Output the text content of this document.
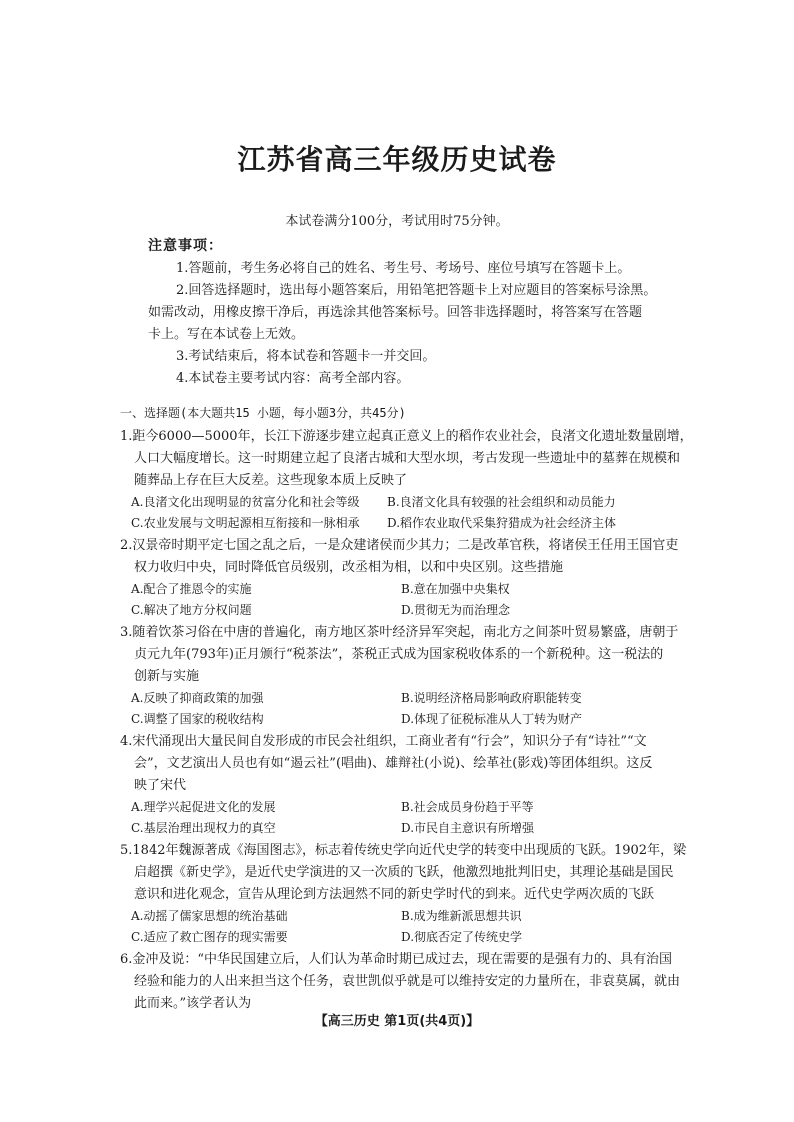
江苏省高三年级历史试卷
本试卷满分100分，考试用时75分钟。
注意事项：
1.答题前，考生务必将自己的姓名、考生号、考场号、座位号填写在答题卡上。
2.回答选择题时，选出每小题答案后，用铅笔把答题卡上对应题目的答案标号涂黑。
如需改动，用橡皮擦干净后，再选涂其他答案标号。回答非选择题时，将答案写在答题
卡上。写在本试卷上无效。
3.考试结束后，将本试卷和答题卡一并交回。
4.本试卷主要考试内容：高考全部内容。
一、选择题(本大题共15 小题，每小题3分，共45分)
1.距今6000—5000年，长江下游逐步建立起真正意义上的稻作农业社会，良渚文化遗址数量剧增，
人口大幅度增长。这一时期建立起了良渚古城和大型水坝，考古发现一些遗址中的墓葬在规模和
随葬品上存在巨大反差。这些现象本质上反映了
A.良渚文化出现明显的贫富分化和社会等级 B.良渚文化具有较强的社会组织和动员能力
C.农业发展与文明起源相互衔接和一脉相承 D.稻作农业取代采集狩猎成为社会经济主体
2.汉景帝时期平定七国之乱之后，一是众建诸侯而少其力；二是改革官秩，将诸侯王任用王国官吏
权力收归中央，同时降低官员级别，改丞相为相，以和中央区别。这些措施
A.配合了推恩令的实施	B.意在加强中央集权
C.解决了地方分权问题	D.贯彻无为而治理念
3.随着饮茶习俗在中唐的普遍化，南方地区茶叶经济异军突起，南北方之间茶叶贸易繁盛，唐朝于
贞元九年(793年)正月颁行“税茶法”，茶税正式成为国家税收体系的一个新税种。这一税法的
创新与实施
A.反映了抑商政策的加强	B.说明经济格局影响政府职能转变
C.调整了国家的税收结构	D.体现了征税标准从人丁转为财产
4.宋代涌现出大量民间自发形成的市民会社组织，工商业者有“行会”，知识分子有“诗社”“文
会”，文艺演出人员也有如“遏云社”(唱曲)、雄辩社(小说)、绘革社(影戏)等团体组织。这反
映了宋代
A.理学兴起促进文化的发展	B.社会成员身份趋于平等
C.基层治理出现权力的真空	D.市民自主意识有所增强
5.1842年魏源著成《海国图志》，标志着传统史学向近代史学的转变中出现质的飞跃。1902年，梁
启超撰《新史学》，是近代史学演进的又一次质的飞跃，他激烈地批判旧史，其理论基础是国民
意识和进化观念，宣告从理论到方法迥然不同的新史学时代的到来。近代史学两次质的飞跃
A.动摇了儒家思想的统治基础	B.成为维新派思想共识
C.适应了救亡图存的现实需要	D.彻底否定了传统史学
6.金冲及说：“中华民国建立后，人们认为革命时期已成过去，现在需要的是强有力的、具有治国
经验和能力的人出来担当这个任务，袁世凯似乎就是可以维持安定的力量所在，非袁莫属，就由
此而来。”该学者认为
【高三历史 第1页(共4页)】
